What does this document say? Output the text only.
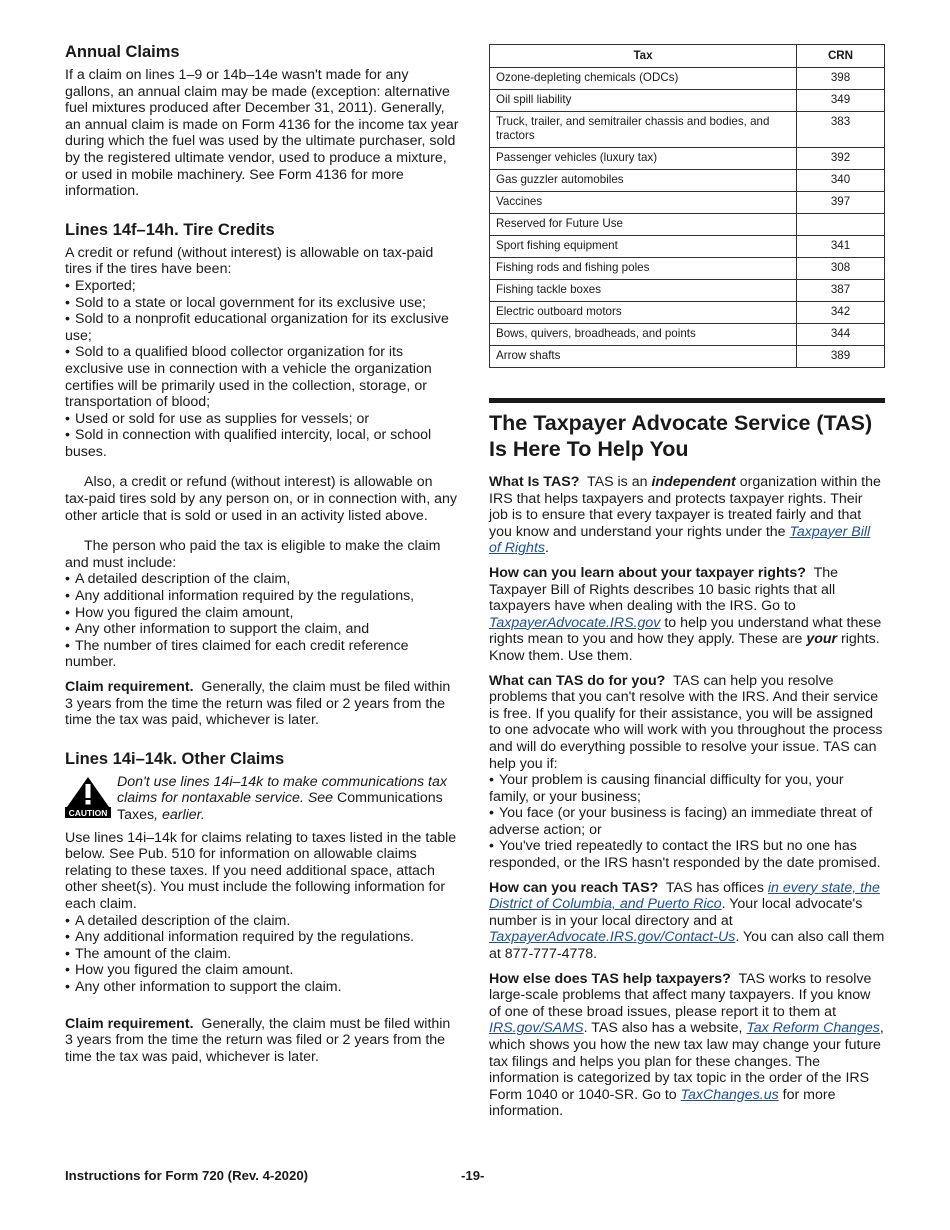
Annual Claims

If a claim on lines 1–9 or 14b–14e wasn't made for any gallons, an annual claim may be made (exception: alternative fuel mixtures produced after December 31, 2011). Generally, an annual claim is made on Form 4136 for the income tax year during which the fuel was used by the ultimate purchaser, sold by the registered ultimate vendor, used to produce a mixture, or used in mobile machinery. See Form 4136 for more information.

Lines 14f–14h. Tire Credits

A credit or refund (without interest) is allowable on tax-paid tires if the tires have been:

• Exported;

• Sold to a state or local government for its exclusive use;

• Sold to a nonprofit educational organization for its exclusive use;

• Sold to a qualified blood collector organization for its exclusive use in connection with a vehicle the organization certifies will be primarily used in the collection, storage, or transportation of blood;

• Used or sold for use as supplies for vessels; or

• Sold in connection with qualified intercity, local, or school buses.

Also, a credit or refund (without interest) is allowable on tax-paid tires sold by any person on, or in connection with, any other article that is sold or used in an activity listed above.

The person who paid the tax is eligible to make the claim and must include:

• A detailed description of the claim,

• Any additional information required by the regulations,

• How you figured the claim amount,

• Any other information to support the claim, and

• The number of tires claimed for each credit reference number.

Claim requirement. Generally, the claim must be filed within 3 years from the time the return was filed or 2 years from the time the tax was paid, whichever is later.

Lines 14i–14k. Other Claims
CAUTION

Don't use lines 14i–14k to make communications tax claims for nontaxable service. See Communications Taxes, earlier.

Use lines 14i–14k for claims relating to taxes listed in the table below. See Pub. 510 for information on allowable claims relating to these taxes. If you need additional space, attach other sheet(s). You must include the following information for each claim.

• A detailed description of the claim.

• Any additional information required by the regulations.

• The amount of the claim.

• How you figured the claim amount.

• Any other information to support the claim.

Claim requirement. Generally, the claim must be filed within 3 years from the time the return was filed or 2 years from the time the tax was paid, whichever is later.

Tax	CRN
Ozone-depleting chemicals (ODCs)	398
Oil spill liability	349
Truck, trailer, and semitrailer chassis and bodies, and tractors	383
Passenger vehicles (luxury tax)	392
Gas guzzler automobiles	340
Vaccines	397
Reserved for Future Use	
Sport fishing equipment	341
Fishing rods and fishing poles	308
Fishing tackle boxes	387
Electric outboard motors	342
Bows, quivers, broadheads, and points	344
Arrow shafts	389
The Taxpayer Advocate Service (TAS) Is Here To Help You

What Is TAS? TAS is an independent organization within the IRS that helps taxpayers and protects taxpayer rights. Their job is to ensure that every taxpayer is treated fairly and that you know and understand your rights under the Taxpayer Bill of Rights.

How can you learn about your taxpayer rights? The Taxpayer Bill of Rights describes 10 basic rights that all taxpayers have when dealing with the IRS. Go to TaxpayerAdvocate.IRS.gov to help you understand what these rights mean to you and how they apply. These are your rights. Know them. Use them.

What can TAS do for you? TAS can help you resolve problems that you can't resolve with the IRS. And their service is free. If you qualify for their assistance, you will be assigned to one advocate who will work with you throughout the process and will do everything possible to resolve your issue. TAS can help you if:

• Your problem is causing financial difficulty for you, your family, or your business;

• You face (or your business is facing) an immediate threat of adverse action; or

• You've tried repeatedly to contact the IRS but no one has responded, or the IRS hasn't responded by the date promised.

How can you reach TAS? TAS has offices in every state, the District of Columbia, and Puerto Rico. Your local advocate's number is in your local directory and at TaxpayerAdvocate.IRS.gov/Contact-Us. You can also call them at 877-777-4778.

How else does TAS help taxpayers? TAS works to resolve large-scale problems that affect many taxpayers. If you know of one of these broad issues, please report it to them at IRS.gov/SAMS. TAS also has a website, Tax Reform Changes, which shows you how the new tax law may change your future tax filings and helps you plan for these changes. The information is categorized by tax topic in the order of the IRS Form 1040 or 1040-SR. Go to TaxChanges.us for more information.

Instructions for Form 720 (Rev. 4-2020)	-19-
